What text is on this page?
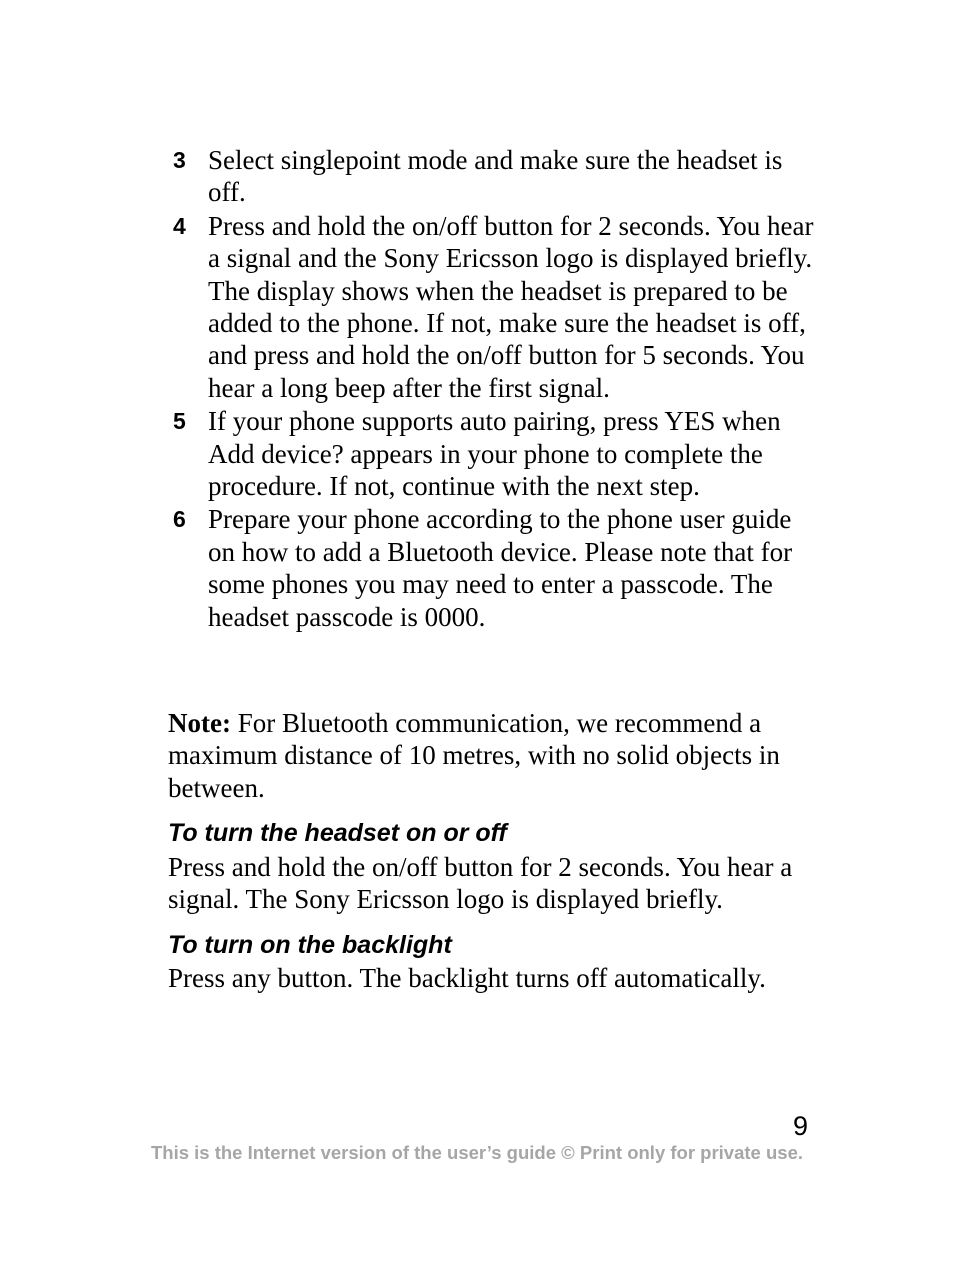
3 Select singlepoint mode and make sure the headset is off.
4 Press and hold the on/off button for 2 seconds. You hear a signal and the Sony Ericsson logo is displayed briefly. The display shows when the headset is prepared to be added to the phone. If not, make sure the headset is off, and press and hold the on/off button for 5 seconds. You hear a long beep after the first signal.
5 If your phone supports auto pairing, press YES when Add device? appears in your phone to complete the procedure. If not, continue with the next step.
6 Prepare your phone according to the phone user guide on how to add a Bluetooth device. Please note that for some phones you may need to enter a passcode. The headset passcode is 0000.

Note: For Bluetooth communication, we recommend a maximum distance of 10 metres, with no solid objects in between.

To turn the headset on or off

Press and hold the on/off button for 2 seconds. You hear a signal. The Sony Ericsson logo is displayed briefly.

To turn on the backlight

Press any button. The backlight turns off automatically.

9
This is the Internet version of the user’s guide © Print only for private use.
